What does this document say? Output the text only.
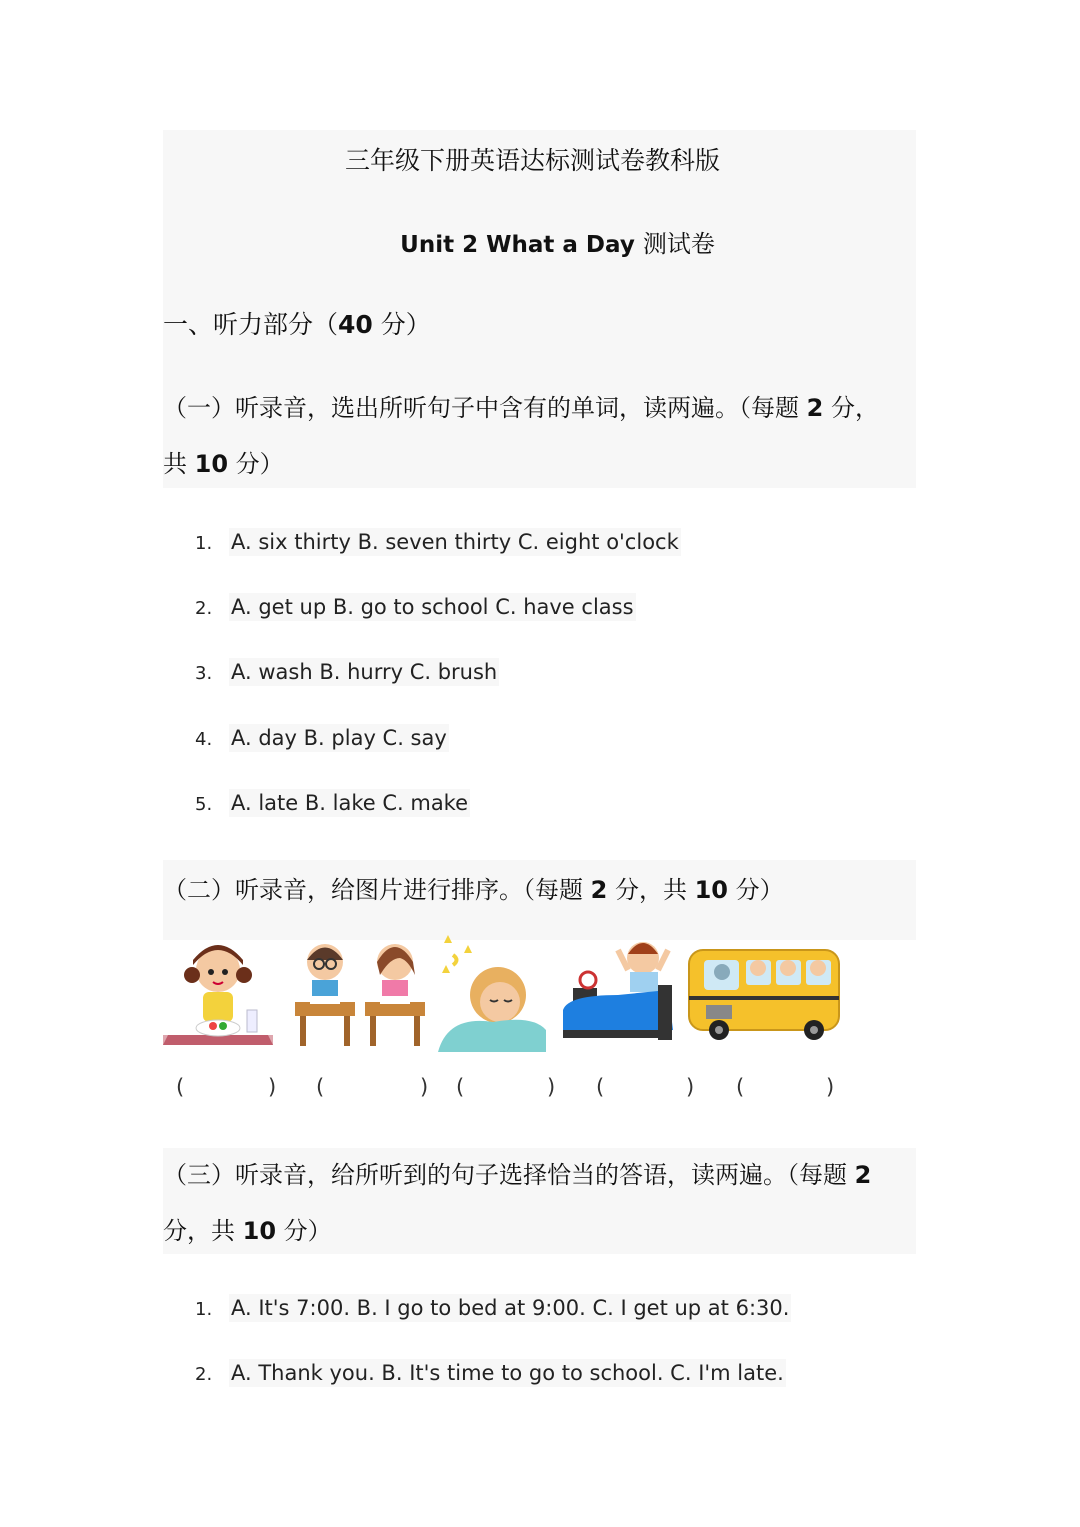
三年级下册英语达标测试卷教科版
Unit 2 What a Day 测试卷
一、听力部分（40 分）
（一）听录音，选出所听句子中含有的单词，读两遍。（每题 2 分，
共 10 分）
1. A. six thirty B. seven thirty C. eight o'clock
2. A. get up B. go to school C. have class
3. A. wash B. hurry C. brush
4. A. day B. play C. say
5. A. late B. lake C. make
（二）听录音，给图片进行排序。（每题 2 分，共 10 分）
(	) (	) (	) (	) (	)
（三）听录音，给所听到的句子选择恰当的答语，读两遍。（每题 2
分，共 10 分）
1. A. It's 7:00. B. I go to bed at 9:00. C. I get up at 6:30.
2. A. Thank you. B. It's time to go to school. C. I'm late.
